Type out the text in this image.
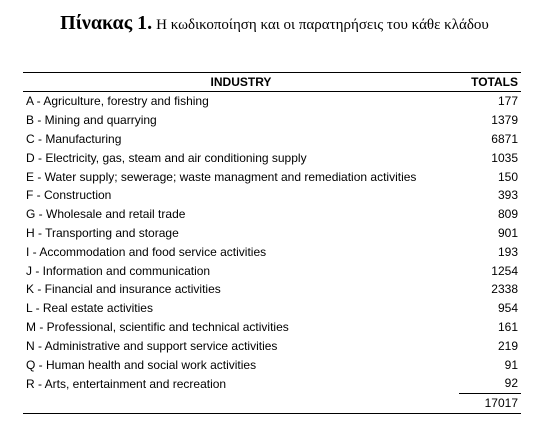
Πίνακας 1. Η κωδικοποίηση και οι παρατηρήσεις του κάθε κλάδου
INDUSTRY	TOTALS
A - Agriculture, forestry and fishing	177
B - Mining and quarrying	1379
C - Manufacturing	6871
D - Electricity, gas, steam and air conditioning supply	1035
E - Water supply; sewerage; waste managment and remediation activities	150
F - Construction	393
G - Wholesale and retail trade	809
H - Transporting and storage	901
I - Accommodation and food service activities	193
J - Information and communication	1254
K - Financial and insurance activities	2338
L - Real estate activities	954
M - Professional, scientific and technical activities	161
N - Administrative and support service activities	219
Q - Human health and social work activities	91
R - Arts, entertainment and recreation	92
	17017
